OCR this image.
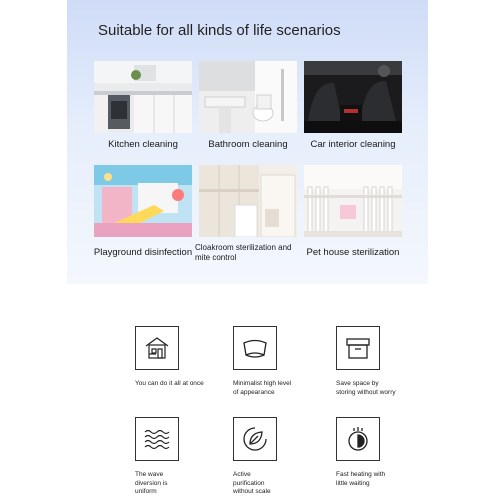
Suitable for all kinds of life scenarios
Kitchen cleaning	Bathroom cleaning	Car interior cleaning
Playground disinfection Cloakroom sterilization and mite control	Pet house sterilization
You can do it all at once	Minimalist high level of appearance
Save space by storing without worry
The wave diversion is uniform
Active purification without scale
Fast heating with little waiting
